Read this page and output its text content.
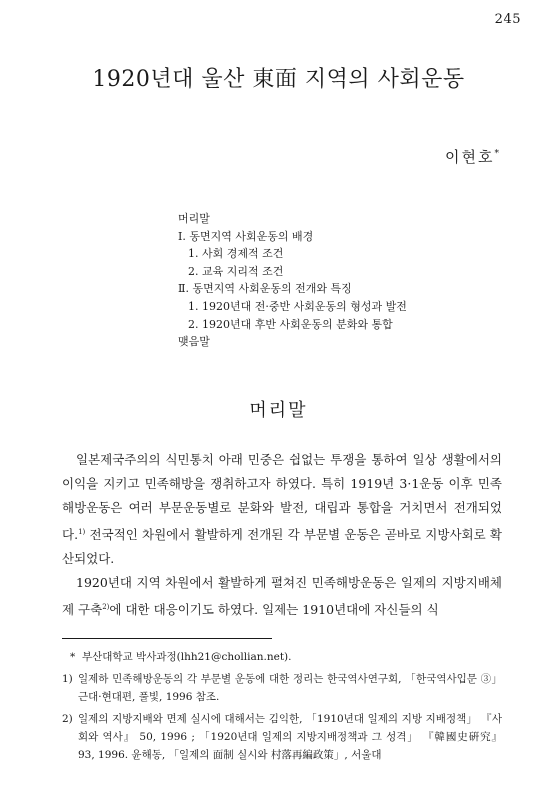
245
1920년대 울산 東面 지역의 사회운동
이현호*
머리말
Ⅰ. 동면지역 사회운동의 배경
1. 사회 경제적 조건
2. 교육 지리적 조건
Ⅱ. 동면지역 사회운동의 전개와 특징
1. 1920년대 전·중반 사회운동의 형성과 발전
2. 1920년대 후반 사회운동의 분화와 통합
맺음말
머리말

일본제국주의의 식민통치 아래 민중은 쉽없는 투쟁을 통하여 일상 생활에서의 이익을 지키고 민족해방을 쟁취하고자 하였다. 특히 1919년 3·1운동 이후 민족해방운동은 여러 부문운동별로 분화와 발전, 대립과 통합을 거치면서 전개되었다.$^{1)}$ 전국적인 차원에서 활발하게 전개된 각 부문별 운동은 곧바로 지방사회로 확산되었다.

1920년대 지역 차원에서 활발하게 펼쳐진 민족해방운동은 일제의 지방지배체제 구축$^{2)}$에 대한 대응이기도 하였다. 일제는 1910년대에 자신들의 식

* 부산대학교 박사과정(lhh21@chollian.net).
1) 일제하 민족해방운동의 각 부문별 운동에 대한 정리는 한국역사연구회, 「한국역사입문 ③」 근대·현대편, 풀빛, 1996 참조.
2) 일제의 지방지배와 면제 실시에 대해서는 김익한, 「1910년대 일제의 지방 지배정책」 『사회와 역사』 50, 1996 ; 「1920년대 일제의 지방지배정책과 그 성격」 『韓國史硏究』 93, 1996. 윤해동, 「일제의 面制 실시와 村落再編政策」, 서울대
